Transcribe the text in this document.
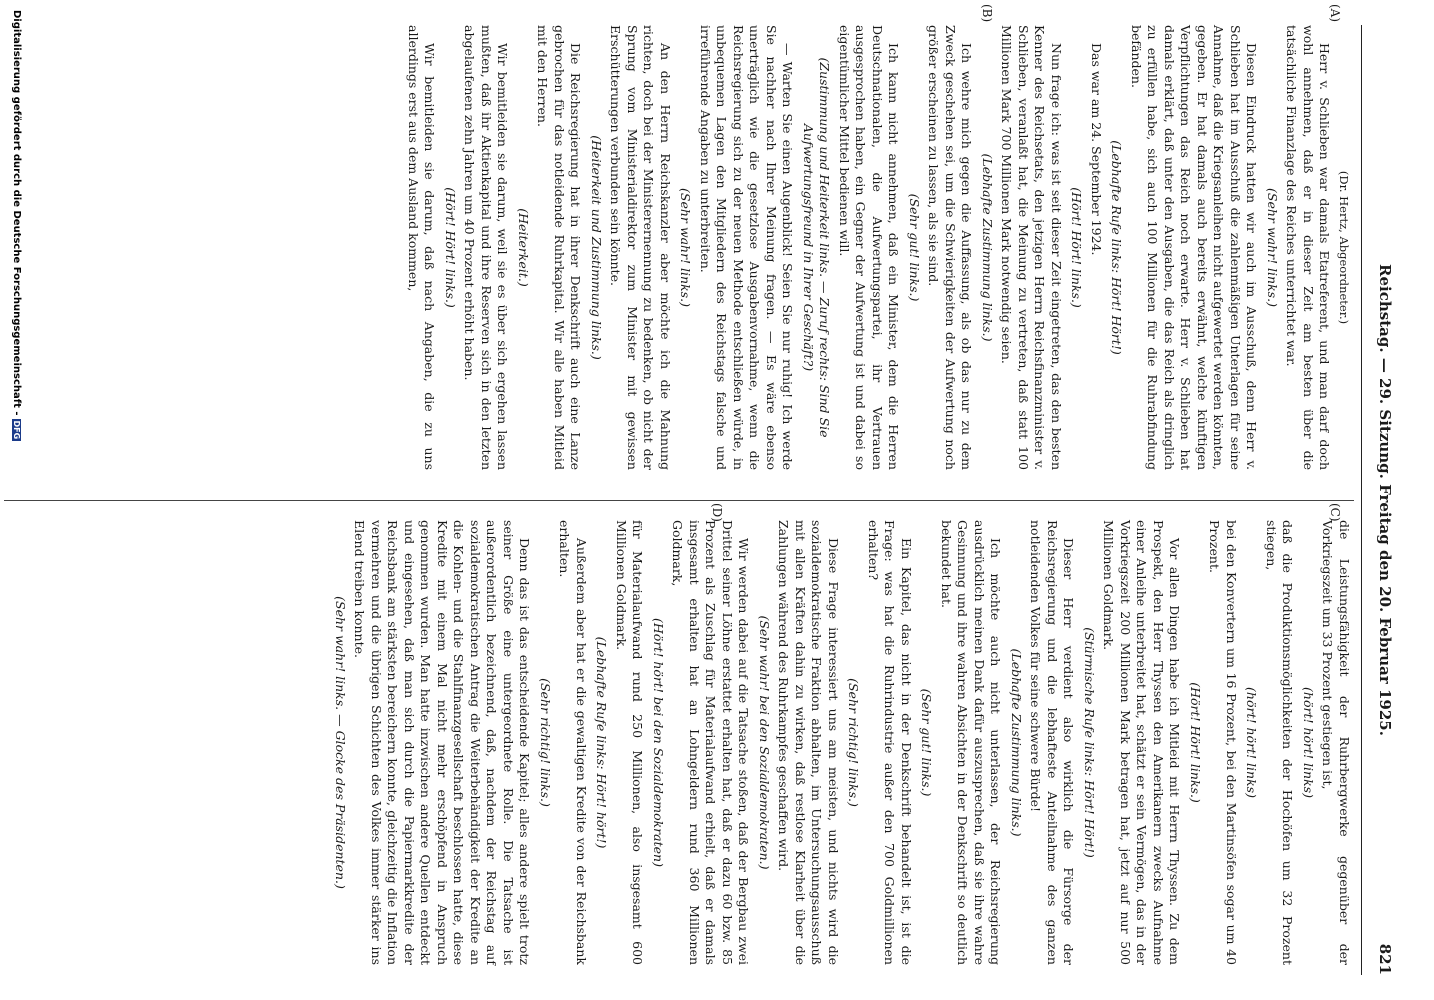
Reichstag. — 29. Sitzung. Freitag den 20. Februar 1925.
821
(A)
(B)
(C)
(D)

(Dr. Hertz, Abgeordneter.)

Herr v. Schlieben war damals Etatreferent, und man darf doch wohl annehmen, daß er in dieser Zeit am besten über die tatsächliche Finanzlage des Reiches unterrichtet war.

(Sehr wahr! links.)

Diesen Eindruck hatten wir auch im Ausschuß, denn Herr v. Schlieben hat im Ausschuß die zahlenmäßigen Unterlagen für seine Annahme, daß die Kriegsanleihen nicht aufgewertet werden könnten, gegeben. Er hat damals auch bereits erwähnt, welche künftigen Verpflichtungen das Reich noch erwarte. Herr v. Schlieben hat damals erklärt, daß unter den Ausgaben, die das Reich als dringlich zu erfüllen habe, sich auch 100 Millionen für die Ruhrabfindung befänden.

(Lebhafte Rufe links: Hört! Hört!)

Das war am 24. September 1924.

(Hört! Hört! links.)

Nun frage ich: was ist seit dieser Zeit eingetreten, das den besten Kenner des Reichsetats, den jetzigen Herrn Reichsfinanzminister v. Schlieben, veranlaßt hat, die Meinung zu vertreten, daß statt 100 Millionen Mark 700 Millionen Mark notwendig seien.

(Lebhafte Zustimmung links.)

Ich wehre mich gegen die Auffassung, als ob das nur zu dem Zweck geschehen sei, um die Schwierigkeiten der Aufwertung noch größer erscheinen zu lassen, als sie sind.

(Sehr gut! links.)

Ich kann nicht annehmen, daß ein Minister, dem die Herren Deutschnationalen, die Aufwertungspartei, ihr Vertrauen ausgesprochen haben, ein Gegner der Aufwertung ist und dabei so eigentümlicher Mittel bedienen will.

(Zustimmung und Heiterkeit links. — Zuruf rechts: Sind Sie Aufwertungsfreund in Ihrer Geschäft?)

— Warten Sie einen Augenblick! Seien Sie nur ruhig! Ich werde Sie nachher nach Ihrer Meinung fragen. — Es wäre ebenso unerträglich wie die gesetzlose Ausgabenvornahme, wenn die Reichsregierung sich zu der neuen Methode entschließen würde, in unbequemen Lagen den Mitgliedern des Reichstags falsche und irreführende Angaben zu unterbreiten.

(Sehr wahr! links.)

An den Herrn Reichskanzler aber möchte ich die Mahnung richten, doch bei der Ministerernennung zu bedenken, ob nicht der Sprung vom Ministerialdirektor zum Minister mit gewissen Erschütterungen verbunden sein könnte.

(Heiterkeit und Zustimmung links.)

Die Reichsregierung hat in ihrer Denkschrift auch eine Lanze gebrochen für das notleidende Ruhrkapital. Wir alle haben Mitleid mit den Herren.

(Heiterkeit.)

Wir bemitleiden sie darum, weil sie es über sich ergehen lassen mußten, daß ihr Aktienkapital und ihre Reserven sich in den letzten abgelaufenen zehn Jahren um 40 Prozent erhöht haben.

(Hört! Hört! links.)

Wir bemitleiden sie darum, daß nach Angaben, die zu uns allerdings erst aus dem Ausland kommen,

die Leistungsfähigkeit der Ruhrbergwerke gegenüber der Vorkriegszeit um 33 Prozent gestiegen ist,

(hört! hört! links)

daß die Produktionsmöglichkeiten der Hochöfen um 32 Prozent stiegen,

(hört! hört! links)

bei den Konvertern um 16 Prozent, bei den Martinsöfen sogar um 40 Prozent.

(Hört! Hört! links.)

Vor allen Dingen habe ich Mitleid mit Herrn Thyssen. Zu dem Prospekt, den Herr Thyssen den Amerikanern zwecks Aufnahme einer Anleihe unterbreitet hat, schätzt er sein Vermögen, das in der Vorkriegszeit 200 Millionen Mark betragen hat, jetzt auf nur 500 Millionen Goldmark.

(Stürmische Rufe links: Hört! Hört!)

Dieser Herr verdient also wirklich die Fürsorge der Reichsregierung und die lebhafteste Anteilnahme des ganzen notleidenden Volkes für seine schwere Bürde!

(Lebhafte Zustimmung links.)

Ich möchte auch nicht unterlassen, der Reichsregierung ausdrücklich meinen Dank dafür auszusprechen, daß sie ihre wahre Gesinnung und ihre wahren Absichten in der Denkschrift so deutlich bekundet hat.

(Sehr gut! links.)

Ein Kapitel, das nicht in der Denkschrift behandelt ist, ist die Frage: was hat die Ruhrindustrie außer den 700 Goldmillionen erhalten?

(Sehr richtig! links.)

Diese Frage interessiert uns am meisten, und nichts wird die sozialdemokratische Fraktion abhalten, im Untersuchungsausschuß mit allen Kräften dahin zu wirken, daß restlose Klarheit über die Zahlungen während des Ruhrkampfes geschaffen wird.

(Sehr wahr! bei den Sozialdemokraten.)

Wir werden dabei auf die Tatsache stoßen, daß der Bergbau zwei Drittel seiner Löhne erstattet erhalten hat, daß er dazu 60 bzw. 85 Prozent als Zuschlag für Materialaufwand erhielt, daß er damals insgesamt erhalten hat an Lohngeldern rund 360 Millionen Goldmark,

(Hört! hört! bei den Sozialdemokraten)

für Materialaufwand rund 250 Millionen, also insgesamt 600 Millionen Goldmark.

(Lebhafte Rufe links: Hört! hört!)

Außerdem aber hat er die gewaltigen Kredite von der Reichsbank erhalten.

(Sehr richtig! links.)

Denn das ist das entscheidende Kapitel; alles andere spielt trotz seiner Größe eine untergeordnete Rolle. Die Tatsache ist außerordentlich bezeichnend, daß, nachdem der Reichstag auf sozialdemokratischen Antrag die Weiterbehändigkeit der Kredite an die Kohlen- und die Stahlfinanzgesellschaft beschlossen hatte, diese Kredite mit einem Mal nicht mehr erschöpfend in Anspruch genommen wurden. Man hatte inzwischen andere Quellen entdeckt und eingesehen, daß man sich durch die Papiermarkkredite der Reichsbank am stärksten bereichern konnte, gleichzeitig die Inflation vermehren und die übrigen Schichten des Volkes immer stärker ins Elend treiben konnte.

(Sehr wahr! links. — Glocke des Präsidenten.)

Digitalisierung gefördert durch die Deutsche Forschungsgemeinschaft -DFG
